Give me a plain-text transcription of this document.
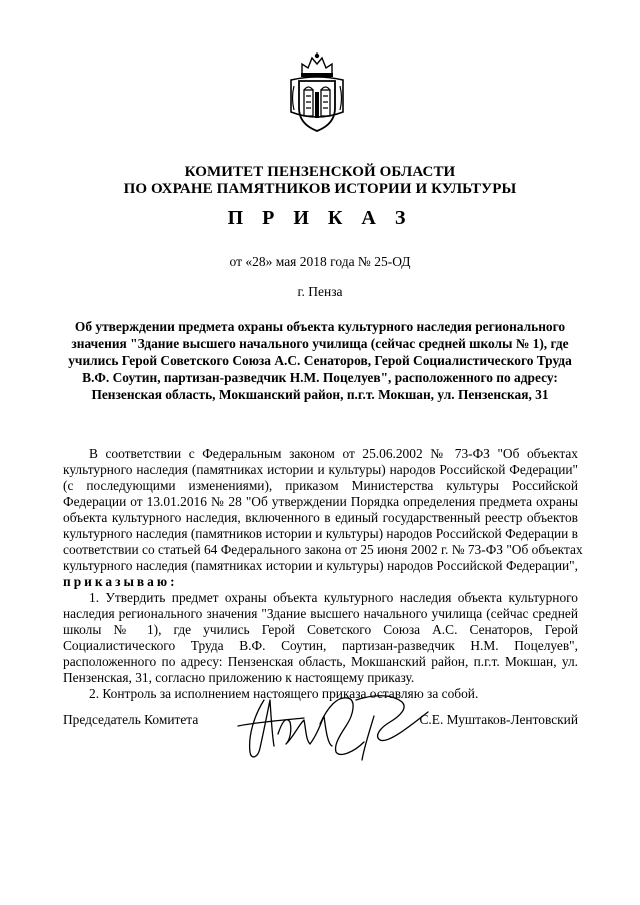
КОМИТЕТ ПЕНЗЕНСКОЙ ОБЛАСТИ
ПО ОХРАНЕ ПАМЯТНИКОВ ИСТОРИИ И КУЛЬТУРЫ
П Р И К А З
от «28» мая 2018 года № 25-ОД
г. Пенза
Об утверждении предмета охраны объекта культурного наследия регионального
значения "Здание высшего начального училища (сейчас средней школы № 1), где
учились Герой Советского Союза А.С. Сенаторов, Герой Социалистического Труда
В.Ф. Соутин, партизан-разведчик Н.М. Поцелуев", расположенного по адресу:
Пензенская область, Мокшанский район, п.г.т. Мокшан, ул. Пензенская, 31
В соответствии с Федеральным законом от 25.06.2002 № 73-ФЗ "Об объектах
культурного наследия (памятниках истории и культуры) народов Российской Федерации"
(с последующими изменениями), приказом Министерства культуры Российской
Федерации от 13.01.2016 № 28 "Об утверждении Порядка определения предмета охраны
объекта культурного наследия, включенного в единый государственный реестр объектов
культурного наследия (памятников истории и культуры) народов Российской Федерации в
соответствии со статьей 64 Федерального закона от 25 июня 2002 г. № 73-ФЗ "Об объектах
культурного наследия (памятниках истории и культуры) народов Российской Федерации",
приказываю:
1. Утвердить предмет охраны объекта культурного наследия объекта культурного
наследия регионального значения "Здание высшего начального училища (сейчас средней
школы № 1), где учились Герой Советского Союза А.С. Сенаторов, Герой
Социалистического Труда В.Ф. Соутин, партизан-разведчик Н.М. Поцелуев",
расположенного по адресу: Пензенская область, Мокшанский район, п.г.т. Мокшан, ул.
Пензенская, 31, согласно приложению к настоящему приказу.
2. Контроль за исполнением настоящего приказа оставляю за собой.
Председатель Комитета	С.Е. Муштаков-Лентовский
